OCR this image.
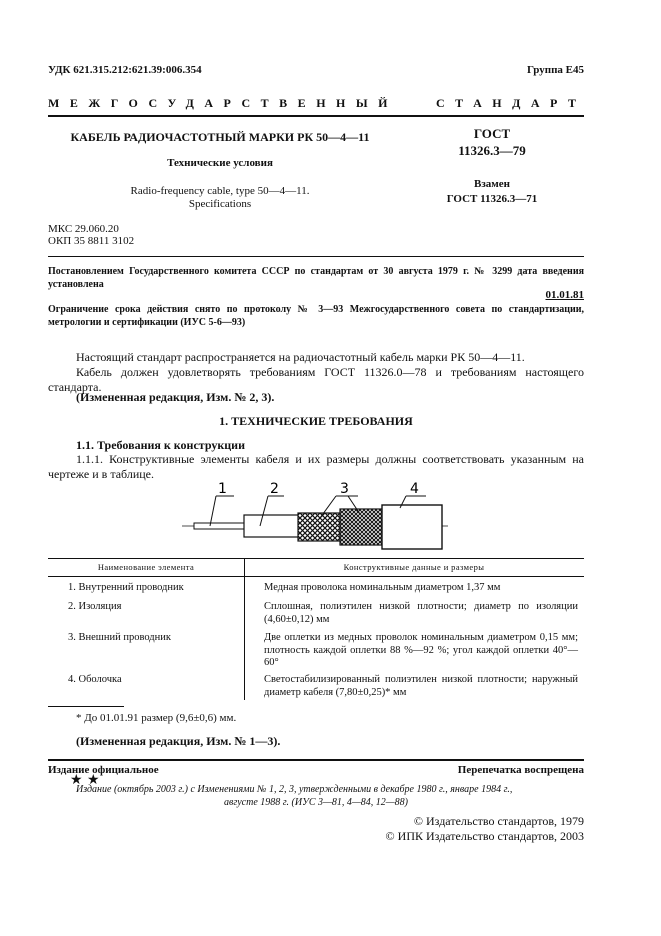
УДК 621.315.212:621.39:006.354	Группа Е45
МЕЖГОСУДАРСТВЕННЫЙ	СТАНДАРТ
КАБЕЛЬ РАДИОЧАСТОТНЫЙ МАРКИ РК 50—4—11
Технические условия
Radio-frequency cable, type 50—4—11.
Specifications
ГОСТ
11326.3—79
Взамен
ГОСТ 11326.3—71
МКС 29.060.20
ОКП 35 8811 3102
Постановлением Государственного комитета СССР по стандартам от 30 августа 1979 г. № 3299 дата введения установлена
01.01.81
Ограничение срока действия снято по протоколу № 3—93 Межгосударственного совета по стандартизации, метрологии и сертификации (ИУС 5-6—93)
Настоящий стандарт распространяется на радиочастотный кабель марки РК 50—4—11.
Кабель должен удовлетворять требованиям ГОСТ 11326.0—78 и требованиям настоящего стандарта.
(Измененная редакция, Изм. № 2, 3).
1. ТЕХНИЧЕСКИЕ ТРЕБОВАНИЯ
1.1. Требования к конструкции
1.1.1. Конструктивные элементы кабеля и их размеры должны соответствовать указанным на чертеже и в таблице.
1	2	3	4
Наименование элемента	Конструктивные данные и размеры
1. Внутренний проводник	Медная проволока номинальным диаметром 1,37 мм
2. Изоляция	Сплошная, полиэтилен низкой плотности; диаметр по изоляции (4,60±0,12) мм
3. Внешний проводник	Две оплетки из медных проволок номинальным диаметром 0,15 мм; плотность каждой оплетки 88 %—92 %; угол каждой оплетки 40°—60°
4. Оболочка	Светостабилизированный полиэтилен низкой плотности; наружный диаметр кабеля (7,80±0,25)* мм
* До 01.01.91 размер (9,6±0,6) мм.
(Измененная редакция, Изм. № 1—3).
Издание официальное	Перепечатка воспрещена
★ ★
Издание (октябрь 2003 г.) с Изменениями № 1, 2, 3, утвержденными в декабре 1980 г., январе 1984 г.,
августе 1988 г. (ИУС 3—81, 4—84, 12—88)
© Издательство стандартов, 1979
© ИПК Издательство стандартов, 2003
